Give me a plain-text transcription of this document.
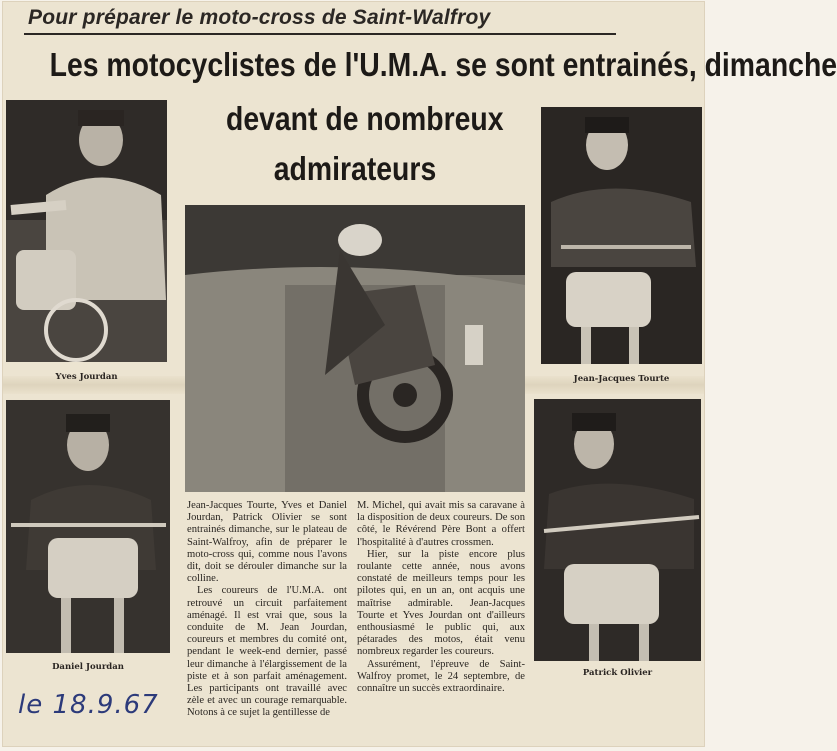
Pour préparer le moto-cross de Saint-Walfroy
Les motocyclistes de l'U.M.A. se sont entrainés, dimanche
devant de nombreux
admirateurs
Yves Jourdan	Jean-Jacques Tourte
Daniel Jourdan
Patrick Olivier

Jean-Jacques Tourte, Yves et Daniel Jourdan, Patrick Olivier se sont entrainés dimanche, sur le plateau de Saint-Walfroy, afin de préparer le moto-cross qui, comme nous l'avons dit, doit se dérouler dimanche sur la colline.

Les coureurs de l'U.M.A. ont retrouvé un circuit parfaitement aménagé. Il est vrai que, sous la conduite de M. Jean Jourdan, coureurs et membres du comité ont, pendant le week-end dernier, passé leur dimanche à l'élargissement de la piste et à son parfait aménagement. Les participants ont travaillé avec zèle et avec un courage remarquable. Notons à ce sujet la gentillesse de

M. Michel, qui avait mis sa caravane à la disposition de deux coureurs. De son côté, le Révérend Père Bont a offert l'hospitalité à d'autres crossmen.

Hier, sur la piste encore plus roulante cette année, nous avons constaté de meilleurs temps pour les pilotes qui, en un an, ont acquis une maîtrise admirable. Jean-Jacques Tourte et Yves Jourdan ont d'ailleurs enthousiasmé le public qui, aux pétarades des motos, était venu nombreux regarder les coureurs.

Assurément, l'épreuve de Saint-Walfroy promet, le 24 septembre, de connaître un succès extraordinaire.

le 18.9.67
